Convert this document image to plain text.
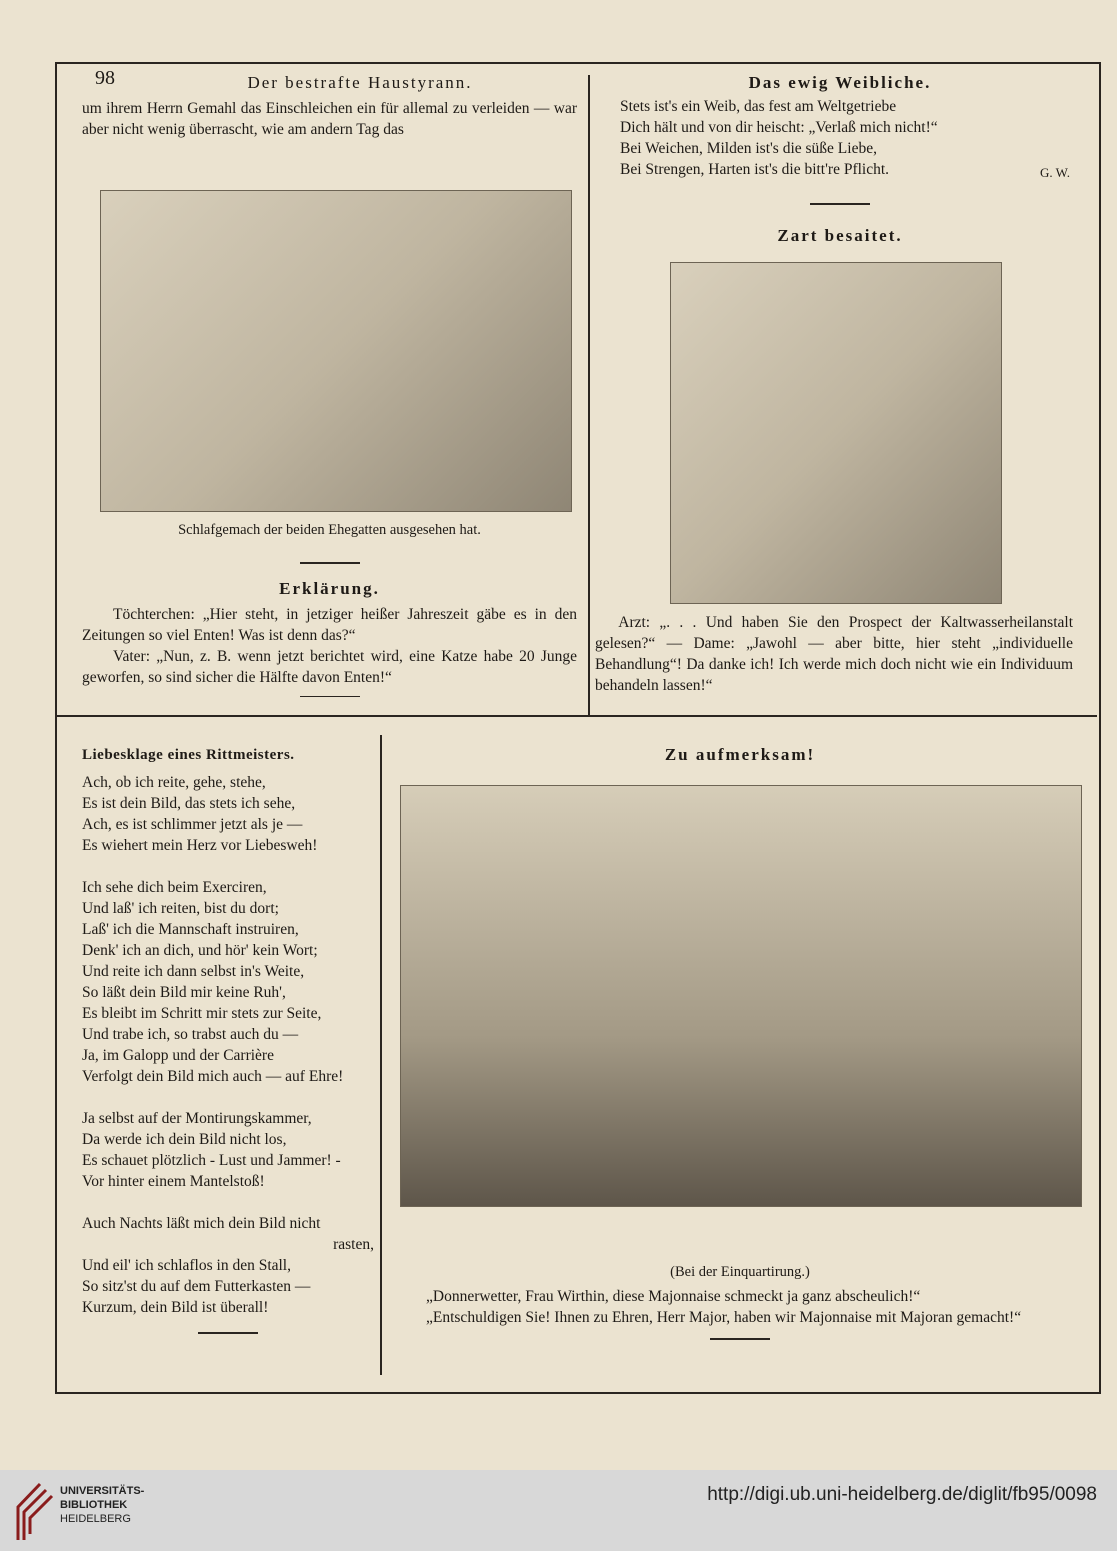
98	Der bestrafte Haustyrann.
um ihrem Herrn Gemahl das Einschleichen ein für allemal zu verleiden — war aber nicht wenig überrascht, wie am andern Tag das
Schlafgemach der beiden Ehegatten ausgesehen hat.
Erklärung.
Töchterchen: „Hier steht, in jetziger heißer Jahreszeit gäbe es in den Zeitungen so viel Enten! Was ist denn das?“
Vater: „Nun, z. B. wenn jetzt berichtet wird, eine Katze habe 20 Junge geworfen, so sind sicher die Hälfte davon Enten!“
Das ewig Weibliche.
Stets ist's ein Weib, das fest am Weltgetriebe
Dich hält und von dir heischt: „Verlaß mich nicht!“
Bei Weichen, Milden ist's die süße Liebe,
Bei Strengen, Harten ist's die bitt're Pflicht.	G. W.
Zart besaitet.
Arzt: „. . . Und haben Sie den Prospect der Kaltwasserheilanstalt gelesen?“ — Dame: „Jawohl — aber bitte, hier steht „individuelle Behandlung“! Da danke ich! Ich werde mich doch nicht wie ein Individuum behandeln lassen!“
Liebesklage eines Rittmeisters.
Ach, ob ich reite, gehe, stehe,
Es ist dein Bild, das stets ich sehe,
Ach, es ist schlimmer jetzt als je —
Es wiehert mein Herz vor Liebesweh!
Ich sehe dich beim Exerciren,
Und laß' ich reiten, bist du dort;
Laß' ich die Mannschaft instruiren,
Denk' ich an dich, und hör' kein Wort;
Und reite ich dann selbst in's Weite,
So läßt dein Bild mir keine Ruh',
Es bleibt im Schritt mir stets zur Seite,
Und trabe ich, so trabst auch du —
Ja, im Galopp und der Carrière
Verfolgt dein Bild mich auch — auf Ehre!
Ja selbst auf der Montirungskammer,
Da werde ich dein Bild nicht los,
Es schauet plötzlich - Lust und Jammer! -
Vor hinter einem Mantelstoß!
Auch Nachts läßt mich dein Bild nicht
rasten,
Und eil' ich schlaflos in den Stall,
So sitz'st du auf dem Futterkasten —
Kurzum, dein Bild ist überall!
Zu aufmerksam!
(Bei der Einquartirung.)
„Donnerwetter, Frau Wirthin, diese Majonnaise schmeckt ja ganz abscheulich!“
„Entschuldigen Sie! Ihnen zu Ehren, Herr Major, haben wir Majonnaise mit Majoran gemacht!“
UNIVERSITÄTS-
BIBLIOTHEK
HEIDELBERG
http://digi.ub.uni-heidelberg.de/diglit/fb95/0098
